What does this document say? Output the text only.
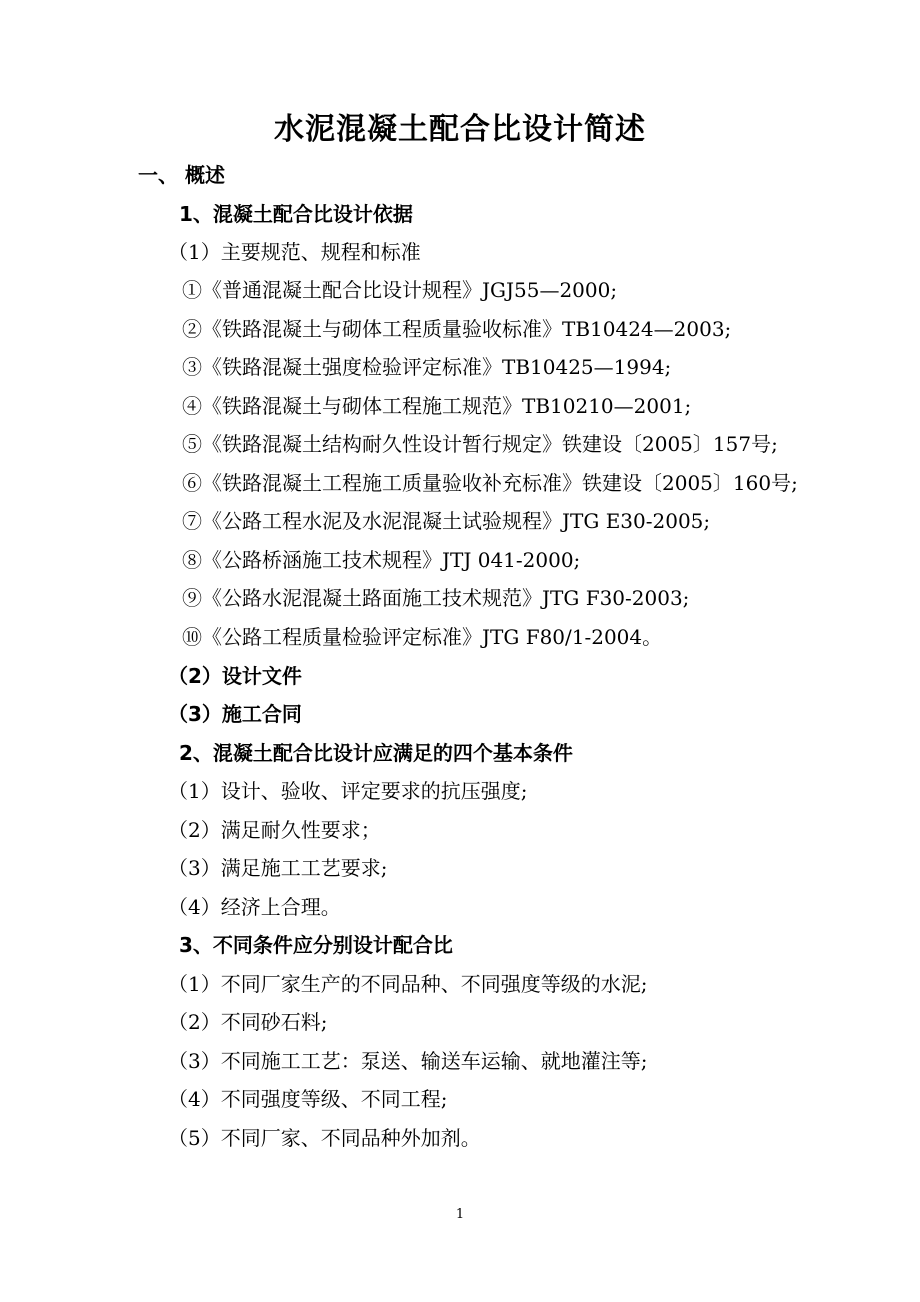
水泥混凝土配合比设计简述
一、 概述
1、混凝土配合比设计依据
（1）主要规范、规程和标准
①《普通混凝土配合比设计规程》JGJ55—2000;
②《铁路混凝土与砌体工程质量验收标准》TB10424—2003;
③《铁路混凝土强度检验评定标准》TB10425—1994;
④《铁路混凝土与砌体工程施工规范》TB10210—2001;
⑤《铁路混凝土结构耐久性设计暂行规定》铁建设〔2005〕157号;
⑥《铁路混凝土工程施工质量验收补充标准》铁建设〔2005〕160号;
⑦《公路工程水泥及水泥混凝土试验规程》JTG E30-2005;
⑧《公路桥涵施工技术规程》JTJ 041-2000;
⑨《公路水泥混凝土路面施工技术规范》JTG F30-2003;
⑩《公路工程质量检验评定标准》JTG F80/1-2004。
（2）设计文件
（3）施工合同
2、混凝土配合比设计应满足的四个基本条件
（1）设计、验收、评定要求的抗压强度;
（2）满足耐久性要求；
（3）满足施工工艺要求;
（4）经济上合理。
3、不同条件应分别设计配合比
（1）不同厂家生产的不同品种、不同强度等级的水泥;
（2）不同砂石料;
（3）不同施工工艺：泵送、输送车运输、就地灌注等;
（4）不同强度等级、不同工程;
（5）不同厂家、不同品种外加剂。
1
